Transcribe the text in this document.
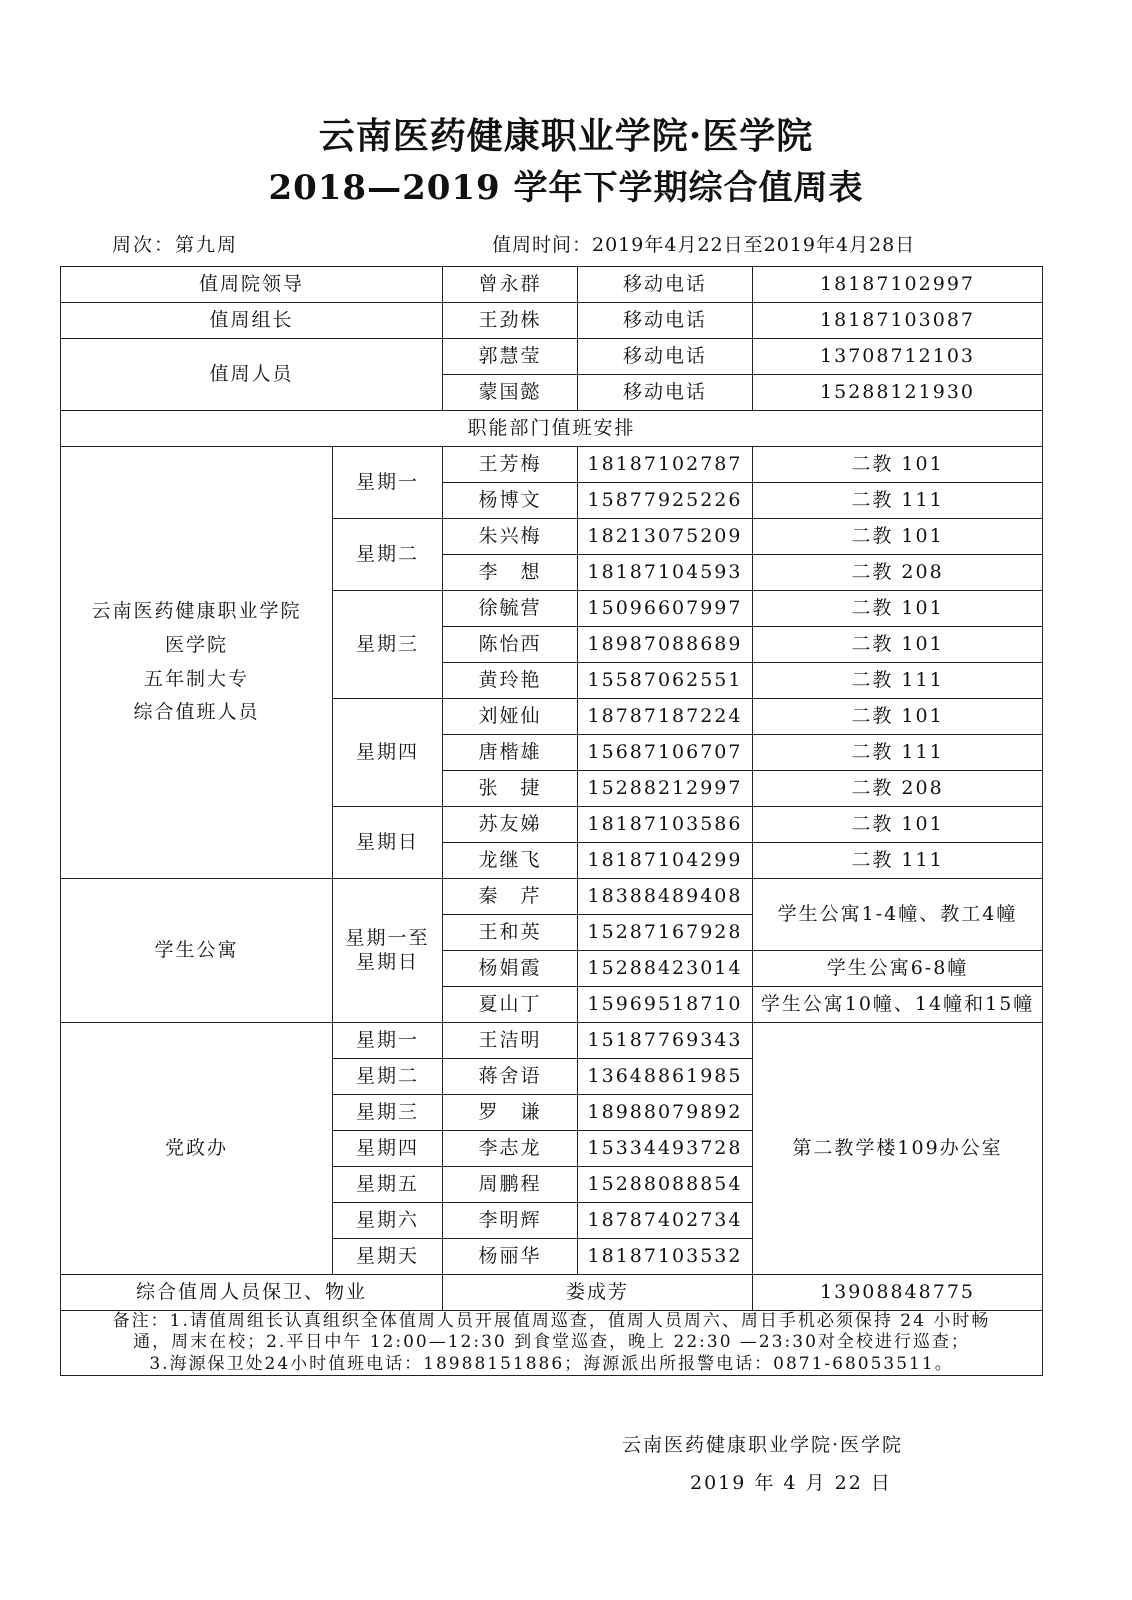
云南医药健康职业学院·医学院
2018—2019 学年下学期综合值周表
周次：第九周	值周时间：2019年4月22日至2019年4月28日
值周院领导		曾永群	移动电话	18187102997
值周组长		王劲株	移动电话	18187103087
值周人员		郭慧莹	移动电话	13708712103
		蒙国懿	移动电话	15288121930
职能部门值班安排				

云南医药健康职业学院
医学院
五年制大专
综合值班人员	星期一	王芳梅	18187102787	二教 101
		杨博文	15877925226	二教 111
	星期二	朱兴梅	18213075209	二教 101
		李　想	18187104593	二教 208
	星期三	徐毓营	15096607997	二教 101
		陈怡西	18987088689	二教 101
		黄玲艳	15587062551	二教 111
	星期四	刘娅仙	18787187224	二教 101
		唐楷雄	15687106707	二教 111
		张　捷	15288212997	二教 208
	星期日	苏友娣	18187103586	二教 101
		龙继飞	18187104299	二教 111
学生公寓	星期一至
星期日	秦　芹	18388489408	学生公寓1-4幢、教工4幢
		王和英	15287167928	
		杨娟霞	15288423014	学生公寓6-8幢
		夏山丁	15969518710	学生公寓10幢、14幢和15幢
党政办	星期一	王洁明	15187769343	第二教学楼109办公室
	星期二	蒋舍语	13648861985	
	星期三	罗　谦	18988079892	
	星期四	李志龙	15334493728	
	星期五	周鹏程	15288088854	
	星期六	李明辉	18787402734	
	星期天	杨丽华	18187103532	
综合值周人员保卫、物业		娄成芳		13908848775

备注：1.请值周组长认真组织全体值周人员开展值周巡查，值周人员周六、周日手机必须保持 24 小时畅
通，周末在校；2.平日中午 12:00—12:30 到食堂巡查，晚上 22:30 —23:30对全校进行巡查；
3.海源保卫处24小时值班电话：18988151886；海源派出所报警电话：0871-68053511。				
云南医药健康职业学院·医学院
2019 年 4 月 22 日
